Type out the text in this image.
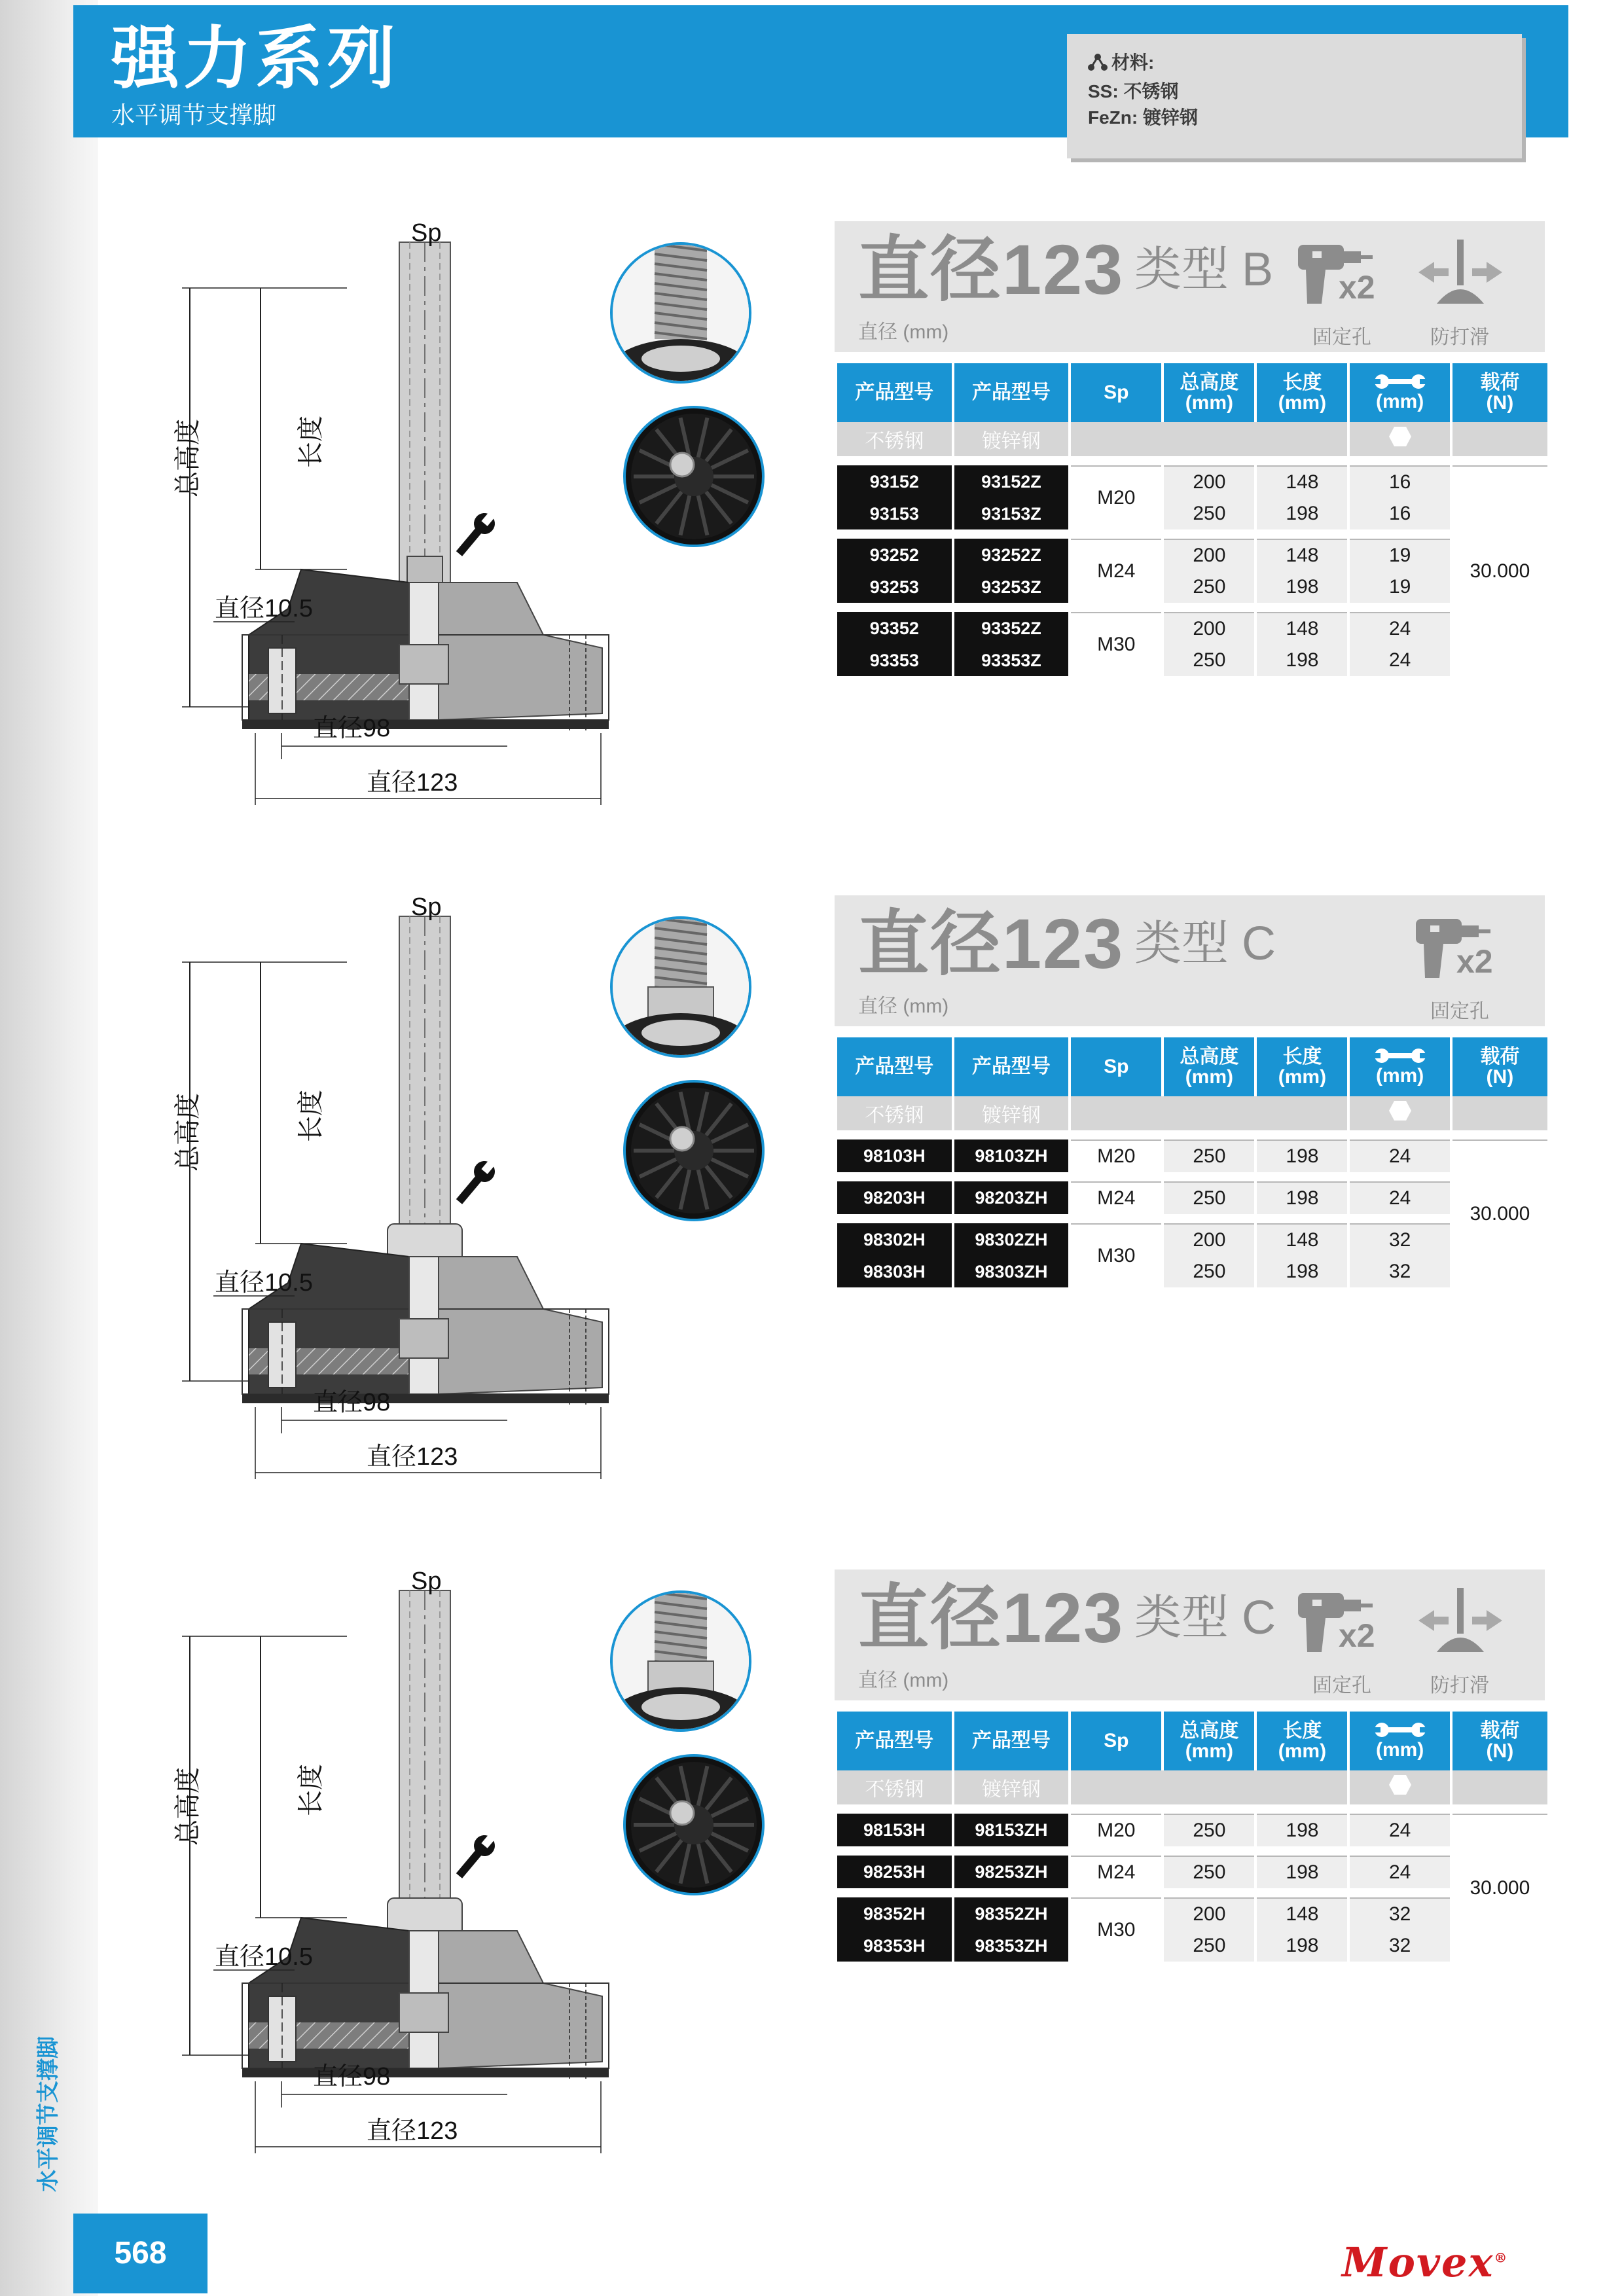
强力系列
水平调节支撑脚
材料:
SS: 不锈钢
FeZn: 镀锌钢
Sp
总高度	长度
直径10.5
直径98
直径123
直径123 类型 B
直径 (mm)
x2
固定孔	防打滑
产品型号	产品型号	Sp	总高度
(mm)	长度
(mm)	(mm)	载荷
(N)
不锈钢	镀锌钢			

93152	93152Z	M20	200	148	16	30.000
93153	93153Z		250	198	16	

93252	93252Z	M24	200	148	19	
93253	93253Z		250	198	19	

93352	93352Z	M30	200	148	24	
93353	93353Z		250	198	24	
Sp
总高度	长度
直径10.5
直径98
直径123
直径123 类型 C
直径 (mm)
x2
固定孔
产品型号	产品型号	Sp	总高度
(mm)	长度
(mm)	(mm)	载荷
(N)
不锈钢	镀锌钢			

98103H	98103ZH	M20	250	198	24	30.000

98203H	98203ZH	M24	250	198	24	

98302H	98302ZH	M30	200	148	32	
98303H	98303ZH		250	198	32	
Sp
总高度	长度
直径10.5
直径98
直径123
直径123 类型 C
直径 (mm)
x2
固定孔	防打滑
产品型号	产品型号	Sp	总高度
(mm)	长度
(mm)	(mm)	载荷
(N)
不锈钢	镀锌钢			

98153H	98153ZH	M20	250	198	24	30.000

98253H	98253ZH	M24	250	198	24	

98352H	98352ZH	M30	200	148	32	
98353H	98353ZH		250	198	32	
水平调节支撑脚
568	Movex®
